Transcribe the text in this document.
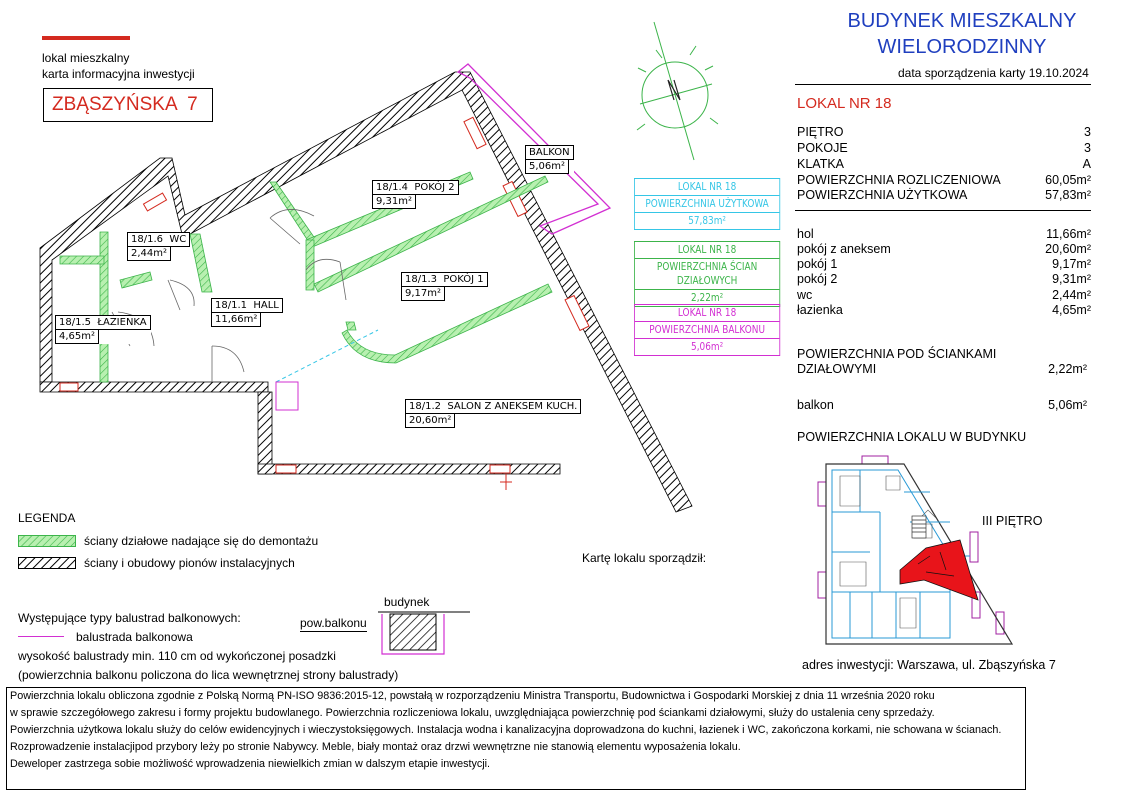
lokal mieszkalny
karta informacyjna inwestycji
ZBĄSZYŃSKA  7
BUDYNEK MIESZKALNY
WIELORODZINNY
data sporządzenia karty 19.10.2024
LOKAL NR 18
PIĘTRO	3
POKOJE	3
KLATKA	A
POWIERZCHNIA ROZLICZENIOWA	60,05m²
POWIERZCHNIA UŻYTKOWA	57,83m²
hol	11,66m²
pokój z aneksem	20,60m²
pokój 1	9,17m²
pokój 2	9,31m²
wc	2,44m²
łazienka	4,65m²
POWIERZCHNIA POD ŚCIANKAMI
DZIAŁOWYMI	2,22m²
balkon	5,06m²
POWIERZCHNIA LOKALU W BUDYNKU
III PIĘTRO
adres inwestycji: Warszawa, ul. Zbąszyńska 7
18/1.4 POKÓJ 2
9,31m²
18/1.6 WC
2,44m²
18/1.3 POKÓJ 1
9,17m²
18/1.1 HALL
11,66m²
18/1.5 ŁAZIENKA
4,65m²
18/1.2 SALON Z ANEKSEM KUCH.
20,60m²
BALKON
5,06m²
LOKAL NR 18
POWIERZCHNIA UŻYTKOWA
57,83m²
LOKAL NR 18
POWIERZCHNIA ŚCIAN DZIAŁOWYCH
2,22m²
LOKAL NR 18
POWIERZCHNIA BALKONU
5,06m²
LEGENDA
ściany działowe nadające się do demontażu
ściany i obudowy pionów instalacyjnych	Kartę lokalu sporządził:
Występujące typy balustrad balkonowych:
balustrada balkonowa
wysokość balustrady min. 110 cm od wykończonej posadzki
(powierzchnia balkonu policzona do lica wewnętrznej strony balustrady)
budynek
pow.balkonu
Powierzchnia lokalu obliczona zgodnie z Polską Normą PN-ISO 9836:2015-12, powstałą w rozporządzeniu Ministra Transportu, Budownictwa i Gospodarki Morskiej z dnia 11 września 2020 roku
w sprawie szczegółowego zakresu i formy projektu budowlanego. Powierzchnia rozliczeniowa lokalu, uwzględniająca powierzchnię pod ściankami działowymi, służy do ustalenia ceny sprzedaży.
Powierzchnia użytkowa lokalu służy do celów ewidencyjnych i wieczystoksięgowych. Instalacja wodna i kanalizacyjna doprowadzona do kuchni, łazienek i WC, zakończona korkami, nie schowana w ścianach.
Rozprowadzenie instalacjipod przybory leży po stronie Nabywcy. Meble, biały montaż oraz drzwi wewnętrzne nie stanowią elementu wyposażenia lokalu.
Deweloper zastrzega sobie możliwość wprowadzenia niewielkich zmian w dalszym etapie inwestycji.
